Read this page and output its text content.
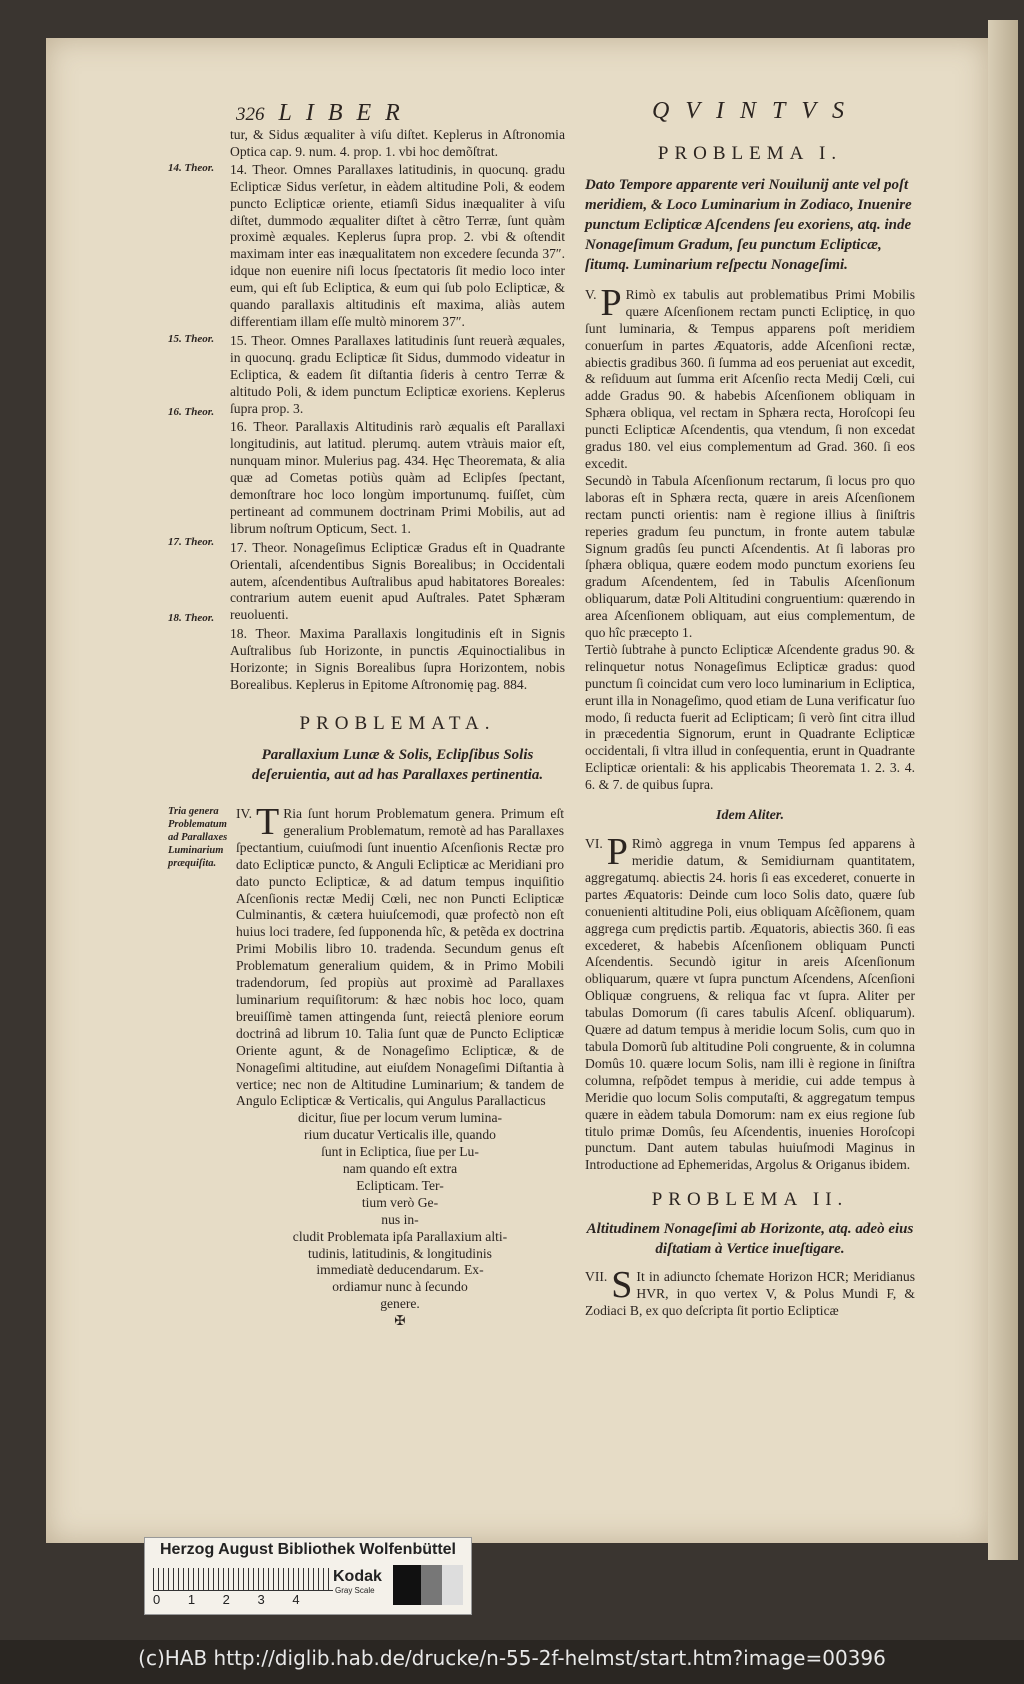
326 LIBER	QVINTVS

tur, & Sidus æqualiter à viſu diſtet. Keplerus in Aſtronomia Optica cap. 9. num. 4. prop. 1. vbi hoc demõſtrat.

14. Theor. Omnes Parallaxes latitudinis, in quocunq. gradu Eclipticæ Sidus verſetur, in eàdem altitudine Poli, & eodem puncto Eclipticæ oriente, etiamſi Sidus inæqualiter à viſu diſtet, dummodo æqualiter diſtet à cẽtro Terræ, ſunt quàm proximè æquales. Keplerus ſupra prop. 2. vbi & oſtendit maximam inter eas inæqualitatem non excedere ſecunda 37″. idque non euenire niſi locus ſpectatoris ſit medio loco inter eum, qui eſt ſub Ecliptica, & eum qui ſub polo Eclipticæ, & quando parallaxis altitudinis eſt maxima, aliàs autem differentiam illam eſſe multò minorem 37″.

15. Theor. Omnes Parallaxes latitudinis ſunt reuerà æquales, in quocunq. gradu Eclipticæ ſit Sidus, dummodo videatur in Ecliptica, & eadem ſit diſtantia ſideris à centro Terræ & altitudo Poli, & idem punctum Eclipticæ exoriens. Keplerus ſupra prop. 3.

16. Theor. Parallaxis Altitudinis rarò æqualis eſt Parallaxi longitudinis, aut latitud. plerumq. autem vtràuis maior eſt, nunquam minor. Mulerius pag. 434. Hęc Theoremata, & alia quæ ad Cometas potiùs quàm ad Eclipſes ſpectant, demonſtrare hoc loco longùm importunumq. fuiſſet, cùm pertineant ad communem doctrinam Primi Mobilis, aut ad librum noſtrum Opticum, Sect. 1.

17. Theor. Nonageſimus Eclipticæ Gradus eſt in Quadrante Orientali, aſcendentibus Signis Borealibus; in Occidentali autem, aſcendentibus Auſtralibus apud habitatores Boreales: contrarium autem euenit apud Auſtrales. Patet Sphæram reuoluenti.

18. Theor. Maxima Parallaxis longitudinis eſt in Signis Auſtralibus ſub Horizonte, in punctis Æquinoctialibus in Horizonte; in Signis Borealibus ſupra Horizontem, nobis Borealibus. Keplerus in Epitome Aſtronomię pag. 884.

PROBLEMATA.
Parallaxium Lunæ & Solis, Eclipſibus Solis deſeruientia, aut ad has Parallaxes pertinentia.
14. Theor.
15. Theor.
16. Theor.
17. Theor.
18. Theor.
Tria genera Problematum ad Parallaxes Luminarium præquiſita.

IV. T Ria ſunt horum Problematum genera. Primum eſt generalium Problematum, remotè ad has Parallaxes ſpectantium, cuiuſmodi ſunt inuentio Aſcenſionis Rectæ pro dato Eclipticæ puncto, & Anguli Eclipticæ ac Meridiani pro dato puncto Eclipticæ, & ad datum tempus inquiſitio Aſcenſionis rectæ Medij Cœli, nec non Puncti Eclipticæ Culminantis, & cætera huiuſcemodi, quæ profectò non eſt huius loci tradere, ſed ſupponenda hîc, & petẽda ex doctrina Primi Mobilis libro 10. tradenda. Secundum genus eſt Problematum generalium quidem, & in Primo Mobili tradendorum, ſed propiùs aut proximè ad Parallaxes luminarium requiſitorum: & hæc nobis hoc loco, quam breuiſſimè tamen attingenda ſunt, reiectâ pleniore eorum doctrinâ ad librum 10. Talia ſunt quæ de Puncto Eclipticæ Oriente agunt, & de Nonageſimo Eclipticæ, & de Nonageſimi altitudine, aut eiuſdem Nonageſimi Diſtantia à vertice; nec non de Altitudine Luminarium; & tandem de Angulo Eclipticæ & Verticalis, qui Angulus Parallacticus

dicitur, ſiue per locum verum lumina-

rium ducatur Verticalis ille, quando

ſunt in Ecliptica, ſiue per Lu-

nam quando eſt extra

Eclipticam. Ter-

tium verò Ge-

nus in-

cludit Problemata ipſa Parallaxium alti-

tudinis, latitudinis, & longitudinis

immediatè deducendarum. Ex-

ordiamur nunc à ſecundo

genere.

✠

PROBLEMA I.
Dato Tempore apparente veri Nouilunij ante vel poſt meridiem, & Loco Luminarium in Zodiaco, Inuenire punctum Eclipticæ Aſcendens ſeu exoriens, atq. inde Nonageſimum Gradum, ſeu punctum Eclipticæ, ſitumq. Luminarium reſpectu Nonageſimi.

V. P Rimò ex tabulis aut problematibus Primi Mobilis quære Aſcenſionem rectam puncti Eclipticę, in quo ſunt luminaria, & Tempus apparens poſt meridiem conuerſum in partes Æquatoris, adde Aſcenſioni rectæ, abiectis gradibus 360. ſi ſumma ad eos perueniat aut excedit, & reſiduum aut ſumma erit Aſcenſio recta Medij Cœli, cui adde Gradus 90. & habebis Aſcenſionem obliquam in Sphæra obliqua, vel rectam in Sphæra recta, Horoſcopi ſeu puncti Eclipticæ Aſcendentis, qua vtendum, ſi non excedat gradus 180. vel eius complementum ad Grad. 360. ſi eos excedit.

Secundò in Tabula Aſcenſionum rectarum, ſi locus pro quo laboras eſt in Sphæra recta, quære in areis Aſcenſionem rectam puncti orientis: nam è regione illius à ſiniſtris reperies gradum ſeu punctum, in fronte autem tabulæ Signum gradûs ſeu puncti Aſcendentis. At ſi laboras pro ſphæra obliqua, quære eodem modo punctum exoriens ſeu gradum Aſcendentem, ſed in Tabulis Aſcenſionum obliquarum, datæ Poli Altitudini congruentium: quærendo in area Aſcenſionem obliquam, aut eius complementum, de quo hîc præcepto 1.

Tertiò ſubtrahe à puncto Eclipticæ Aſcendente gradus 90. & relinquetur notus Nonageſimus Eclipticæ gradus: quod punctum ſi coincidat cum vero loco luminarium in Ecliptica, erunt illa in Nonageſimo, quod etiam de Luna verificatur ſuo modo, ſi reducta fuerit ad Eclipticam; ſi verò ſint citra illud in præcedentia Signorum, erunt in Quadrante Eclipticæ occidentali, ſi vltra illud in conſequentia, erunt in Quadrante Eclipticæ orientali: & his applicabis Theoremata 1. 2. 3. 4. 6. & 7. de quibus ſupra.

Idem Aliter.

VI. P Rimò aggrega in vnum Tempus ſed apparens à meridie datum, & Semidiurnam quantitatem, aggregatumq. abiectis 24. horis ſi eas excederet, conuerte in partes Æquatoris: Deinde cum loco Solis dato, quære ſub conuenienti altitudine Poli, eius obliquam Aſcẽſionem, quam aggrega cum prędictis partib. Æquatoris, abiectis 360. ſi eas excederet, & habebis Aſcenſionem obliquam Puncti Aſcendentis. Secundò igitur in areis Aſcenſionum obliquarum, quære vt ſupra punctum Aſcendens, Aſcenſioni Obliquæ congruens, & reliqua fac vt ſupra. Aliter per tabulas Domorum (ſi cares tabulis Aſcenſ. obliquarum). Quære ad datum tempus à meridie locum Solis, cum quo in tabula Domorũ ſub altitudine Poli congruente, & in columna Domûs 10. quære locum Solis, nam illi è regione in ſiniſtra columna, reſpõdet tempus à meridie, cui adde tempus à Meridie quo locum Solis computaſti, & aggregatum tempus quære in eàdem tabula Domorum: nam ex eius regione ſub titulo primæ Domûs, ſeu Aſcendentis, inuenies Horoſcopi punctum. Dant autem tabulas huiuſmodi Maginus in Introductione ad Ephemeridas, Argolus & Origanus ibidem.

PROBLEMA II.
Altitudinem Nonageſimi ab Horizonte, atq. adeò eius diſtatiam à Vertice inueſtigare.

VII. S It in adiuncto ſchemate Horizon HCR; Meridianus HVR, in quo vertex V, & Polus Mundi F, & Zodiaci B, ex quo deſcripta ſit portio Eclipticæ

Herzog August Bibliothek Wolfenbüttel
0 1 2 3 4
Kodak
Gray Scale
(c)HAB http://diglib.hab.de/drucke/n-55-2f-helmst/start.htm?image=00396
